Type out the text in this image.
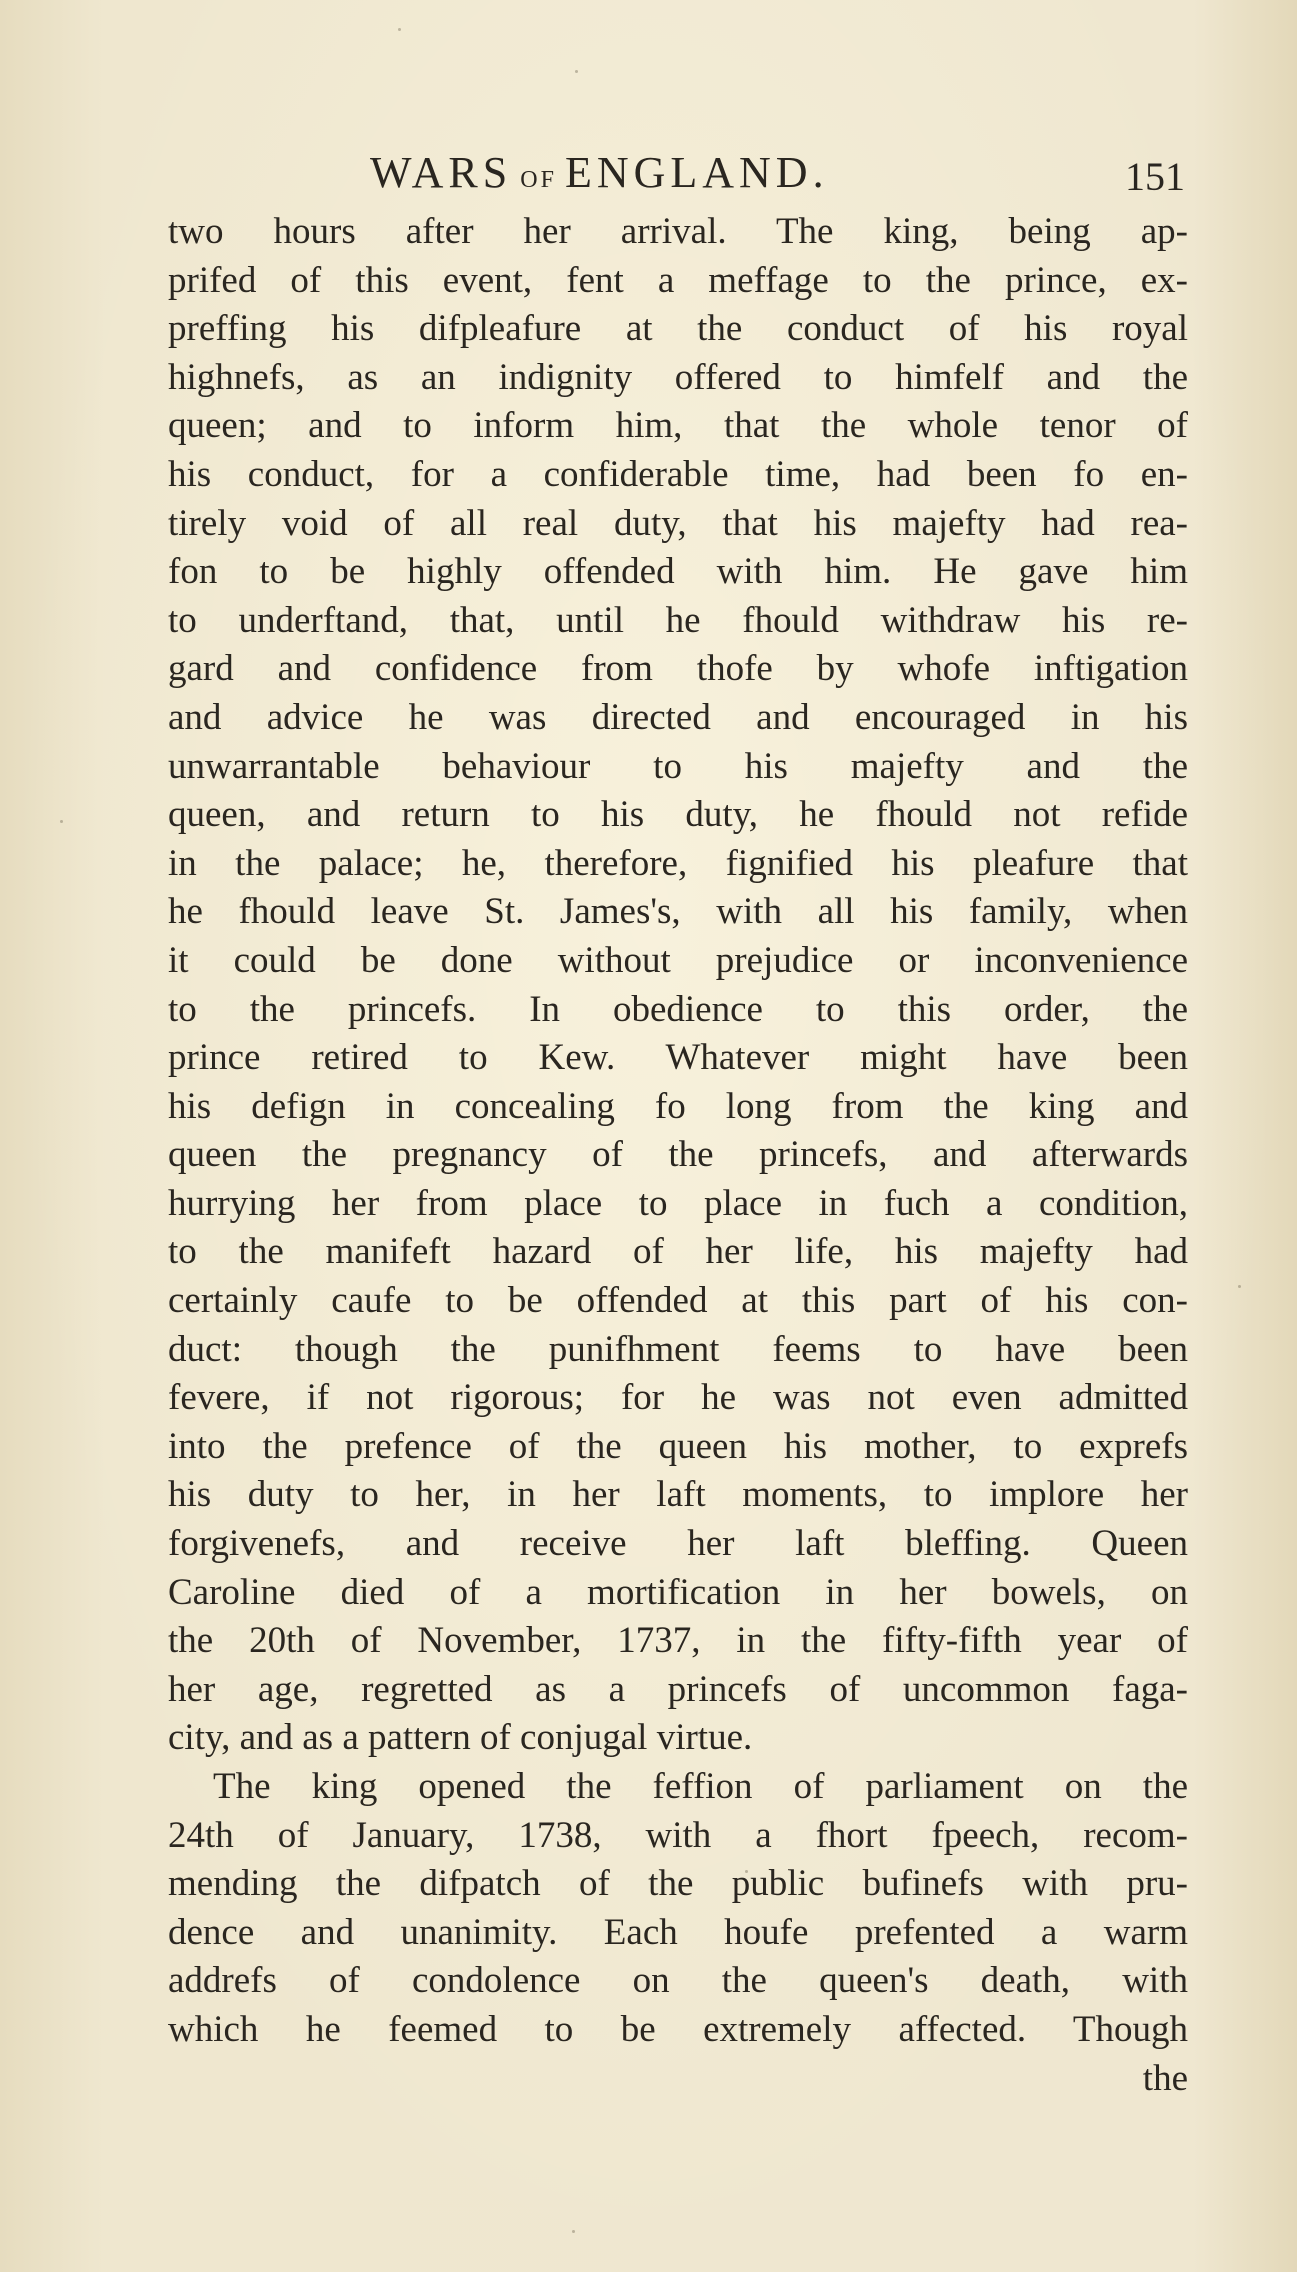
WARS OF ENGLAND.	151
two hours after her arrival. The king, being ap-
prifed of this event, fent a meffage to the prince, ex-
preffing his difpleafure at the conduct of his royal
highnefs, as an indignity offered to himfelf and the
queen; and to inform him, that the whole tenor of
his conduct, for a confiderable time, had been fo en-
tirely void of all real duty, that his majefty had rea-
fon to be highly offended with him. He gave him
to underftand, that, until he fhould withdraw his re-
gard and confidence from thofe by whofe inftigation
and advice he was directed and encouraged in his
unwarrantable behaviour to his majefty and the
queen, and return to his duty, he fhould not refide
in the palace; he, therefore, fignified his pleafure that
he fhould leave St. James's, with all his family, when
it could be done without prejudice or inconvenience
to the princefs. In obedience to this order, the
prince retired to Kew. Whatever might have been
his defign in concealing fo long from the king and
queen the pregnancy of the princefs, and afterwards
hurrying her from place to place in fuch a condition,
to the manifeft hazard of her life, his majefty had
certainly caufe to be offended at this part of his con-
duct: though the punifhment feems to have been
fevere, if not rigorous; for he was not even admitted
into the prefence of the queen his mother, to exprefs
his duty to her, in her laft moments, to implore her
forgivenefs, and receive her laft bleffing. Queen
Caroline died of a mortification in her bowels, on
the 20th of November, 1737, in the fifty-fifth year of
her age, regretted as a princefs of uncommon faga-
city, and as a pattern of conjugal virtue.
The king opened the feffion of parliament on the
24th of January, 1738, with a fhort fpeech, recom-
mending the difpatch of the public bufinefs with pru-
dence and unanimity. Each houfe prefented a warm
addrefs of condolence on the queen's death, with
which he feemed to be extremely affected. Though
the
